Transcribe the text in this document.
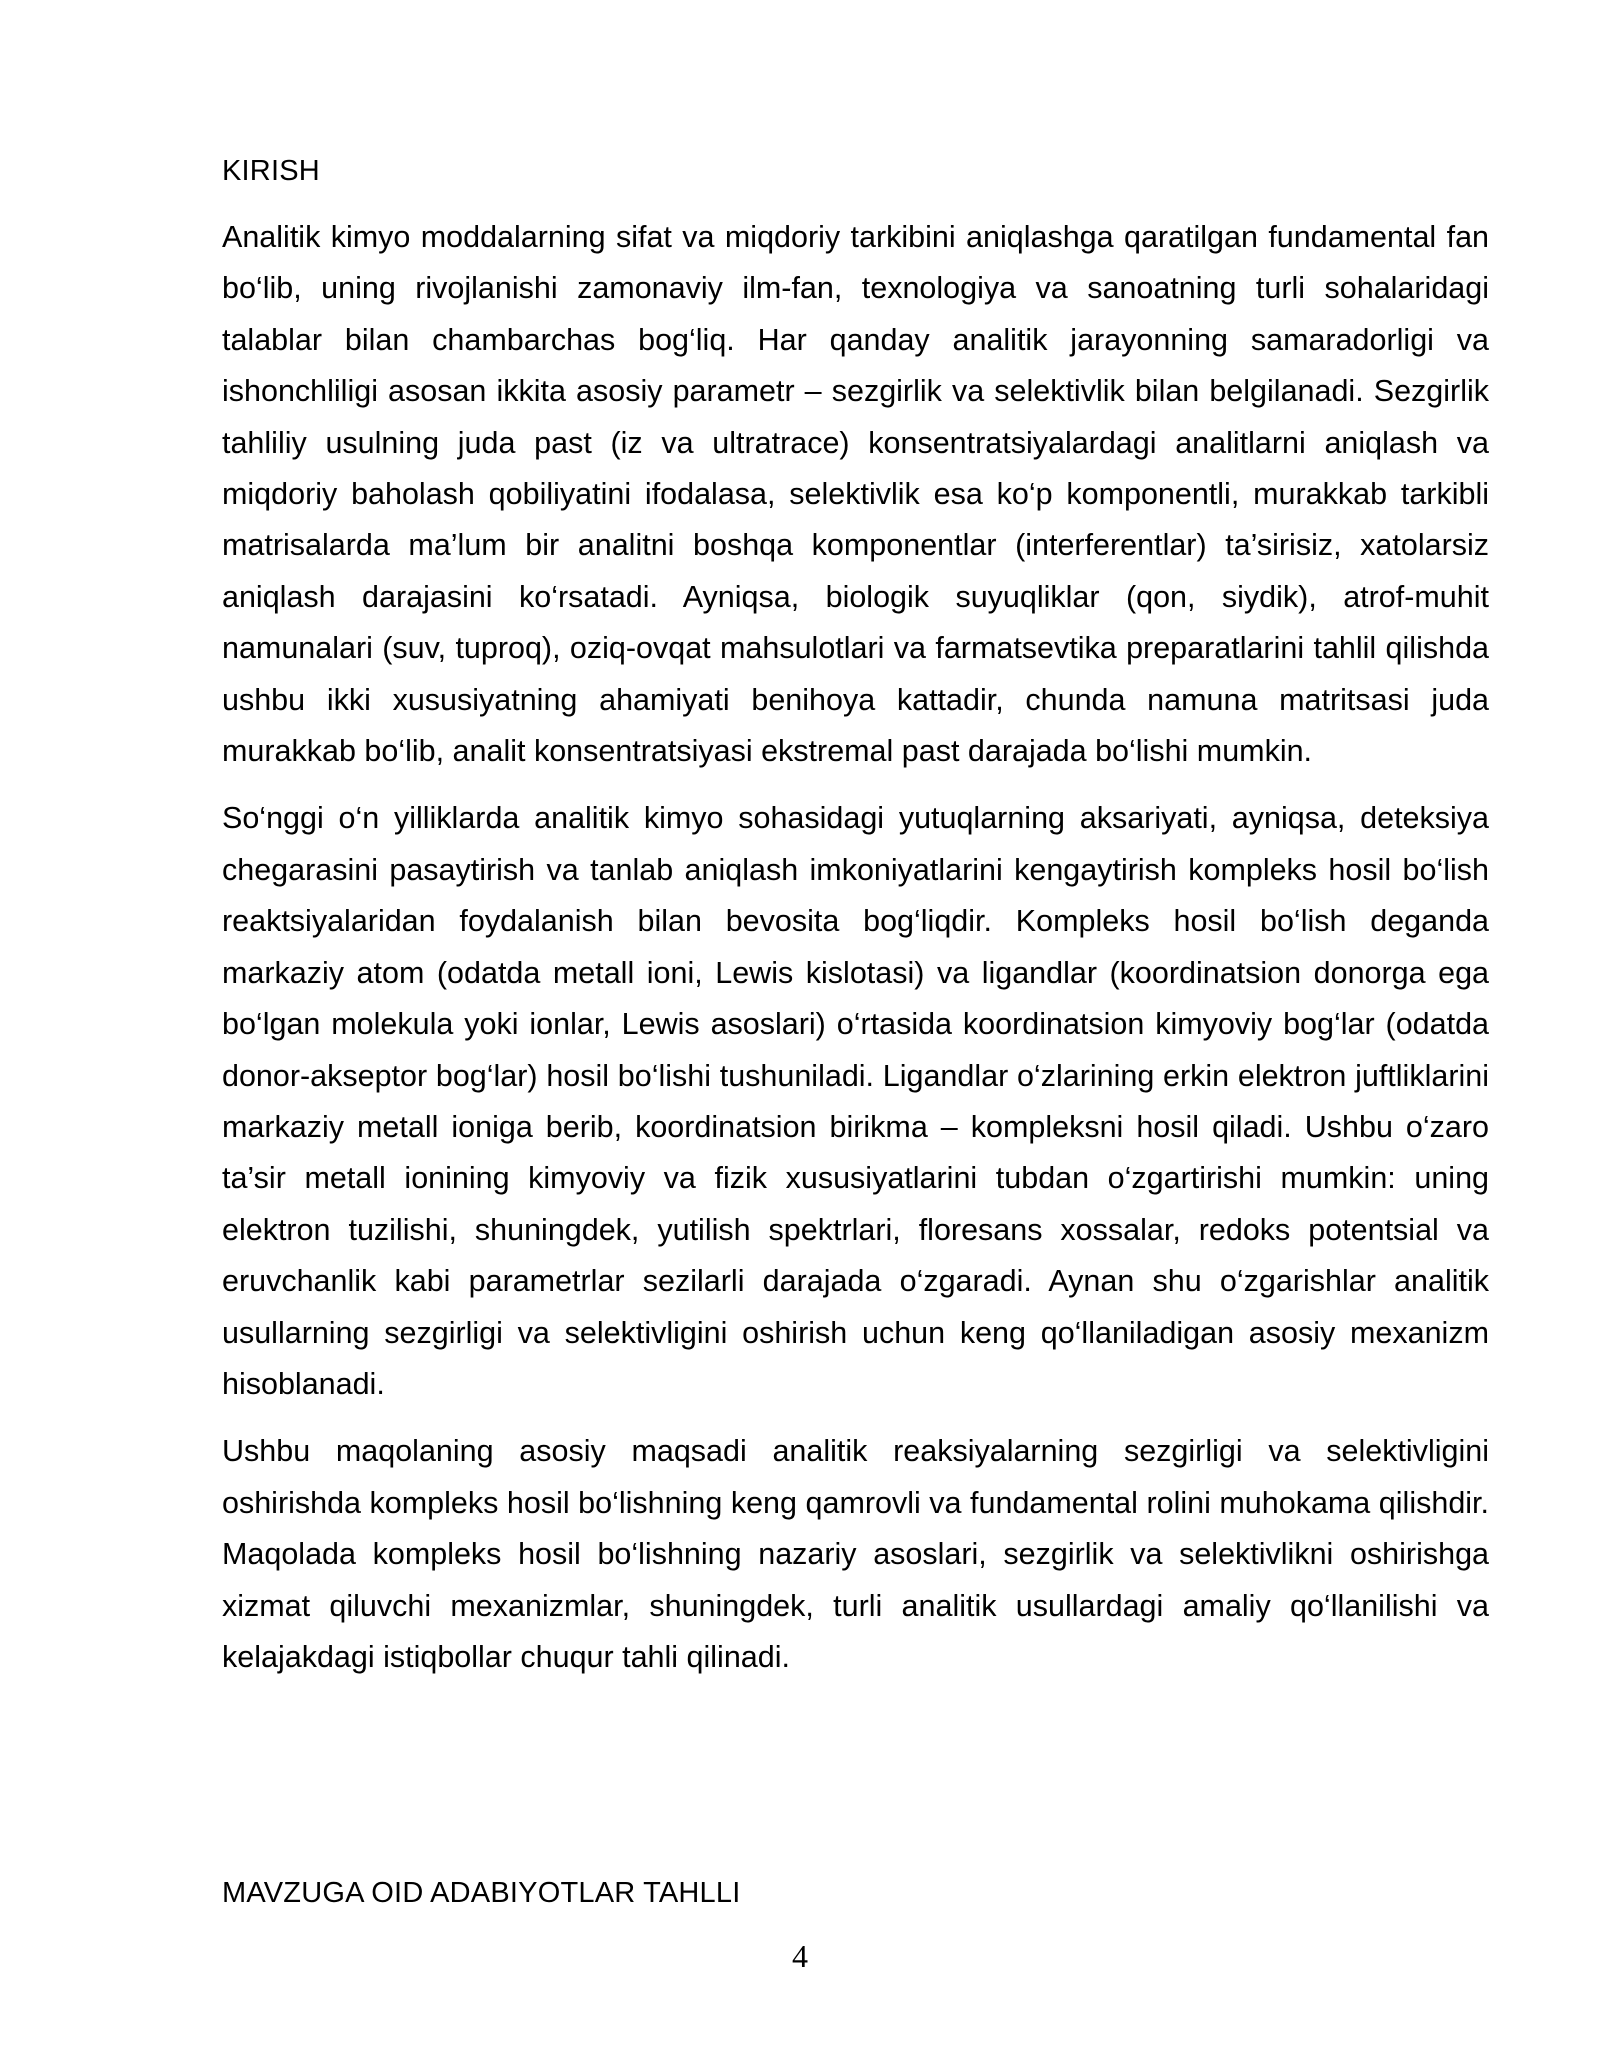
KIRISH

Analitik kimyo moddalarning sifat va miqdoriy tarkibini aniqlashga qaratilgan fundamental fan bo‘lib, uning rivojlanishi zamonaviy ilm-fan, texnologiya va sanoatning turli sohalaridagi talablar bilan chambarchas bog‘liq. Har qanday analitik jarayonning samaradorligi va ishonchliligi asosan ikkita asosiy parametr – sezgirlik va selektivlik bilan belgilanadi. Sezgirlik tahliliy usulning juda past (iz va ultratrace) konsentratsiyalardagi analitlarni aniqlash va miqdoriy baholash qobiliyatini ifodalasa, selektivlik esa ko‘p komponentli, murakkab tarkibli matrisalarda ma’lum bir analitni boshqa komponentlar (interferentlar) ta’sirisiz, xatolarsiz aniqlash darajasini ko‘rsatadi. Ayniqsa, biologik suyuqliklar (qon, siydik), atrof-muhit namunalari (suv, tuproq), oziq-ovqat mahsulotlari va farmatsevtika preparatlarini tahlil qilishda ushbu ikki xususiyatning ahamiyati benihoya kattadir, chunda namuna matritsasi juda murakkab bo‘lib, analit konsentratsiyasi ekstremal past darajada bo‘lishi mumkin.

So‘nggi o‘n yilliklarda analitik kimyo sohasidagi yutuqlarning aksariyati, ayniqsa, deteksiya chegarasini pasaytirish va tanlab aniqlash imkoniyatlarini kengaytirish kompleks hosil bo‘lish reaktsiyalaridan foydalanish bilan bevosita bog‘liqdir. Kompleks hosil bo‘lish deganda markaziy atom (odatda metall ioni, Lewis kislotasi) va ligandlar (koordinatsion donorga ega bo‘lgan molekula yoki ionlar, Lewis asoslari) o‘rtasida koordinatsion kimyoviy bog‘lar (odatda donor-akseptor bog‘lar) hosil bo‘lishi tushuniladi. Ligandlar o‘zlarining erkin elektron juftliklarini markaziy metall ioniga berib, koordinatsion birikma – kompleksni hosil qiladi. Ushbu o‘zaro ta’sir metall ionining kimyoviy va fizik xususiyatlarini tubdan o‘zgartirishi mumkin: uning elektron tuzilishi, shuningdek, yutilish spektrlari, floresans xossalar, redoks potentsial va eruvchanlik kabi parametrlar sezilarli darajada o‘zgaradi. Aynan shu o‘zgarishlar analitik usullarning sezgirligi va selektivligini oshirish uchun keng qo‘llaniladigan asosiy mexanizm hisoblanadi.

Ushbu maqolaning asosiy maqsadi analitik reaksiyalarning sezgirligi va selektivligini oshirishda kompleks hosil bo‘lishning keng qamrovli va fundamental rolini muhokama qilishdir. Maqolada kompleks hosil bo‘lishning nazariy asoslari, sezgirlik va selektivlikni oshirishga xizmat qiluvchi mexanizmlar, shuningdek, turli analitik usullardagi amaliy qo‘llanilishi va kelajakdagi istiqbollar chuqur tahli qilinadi.

MAVZUGA OID ADABIYOTLAR TAHLLI
4
